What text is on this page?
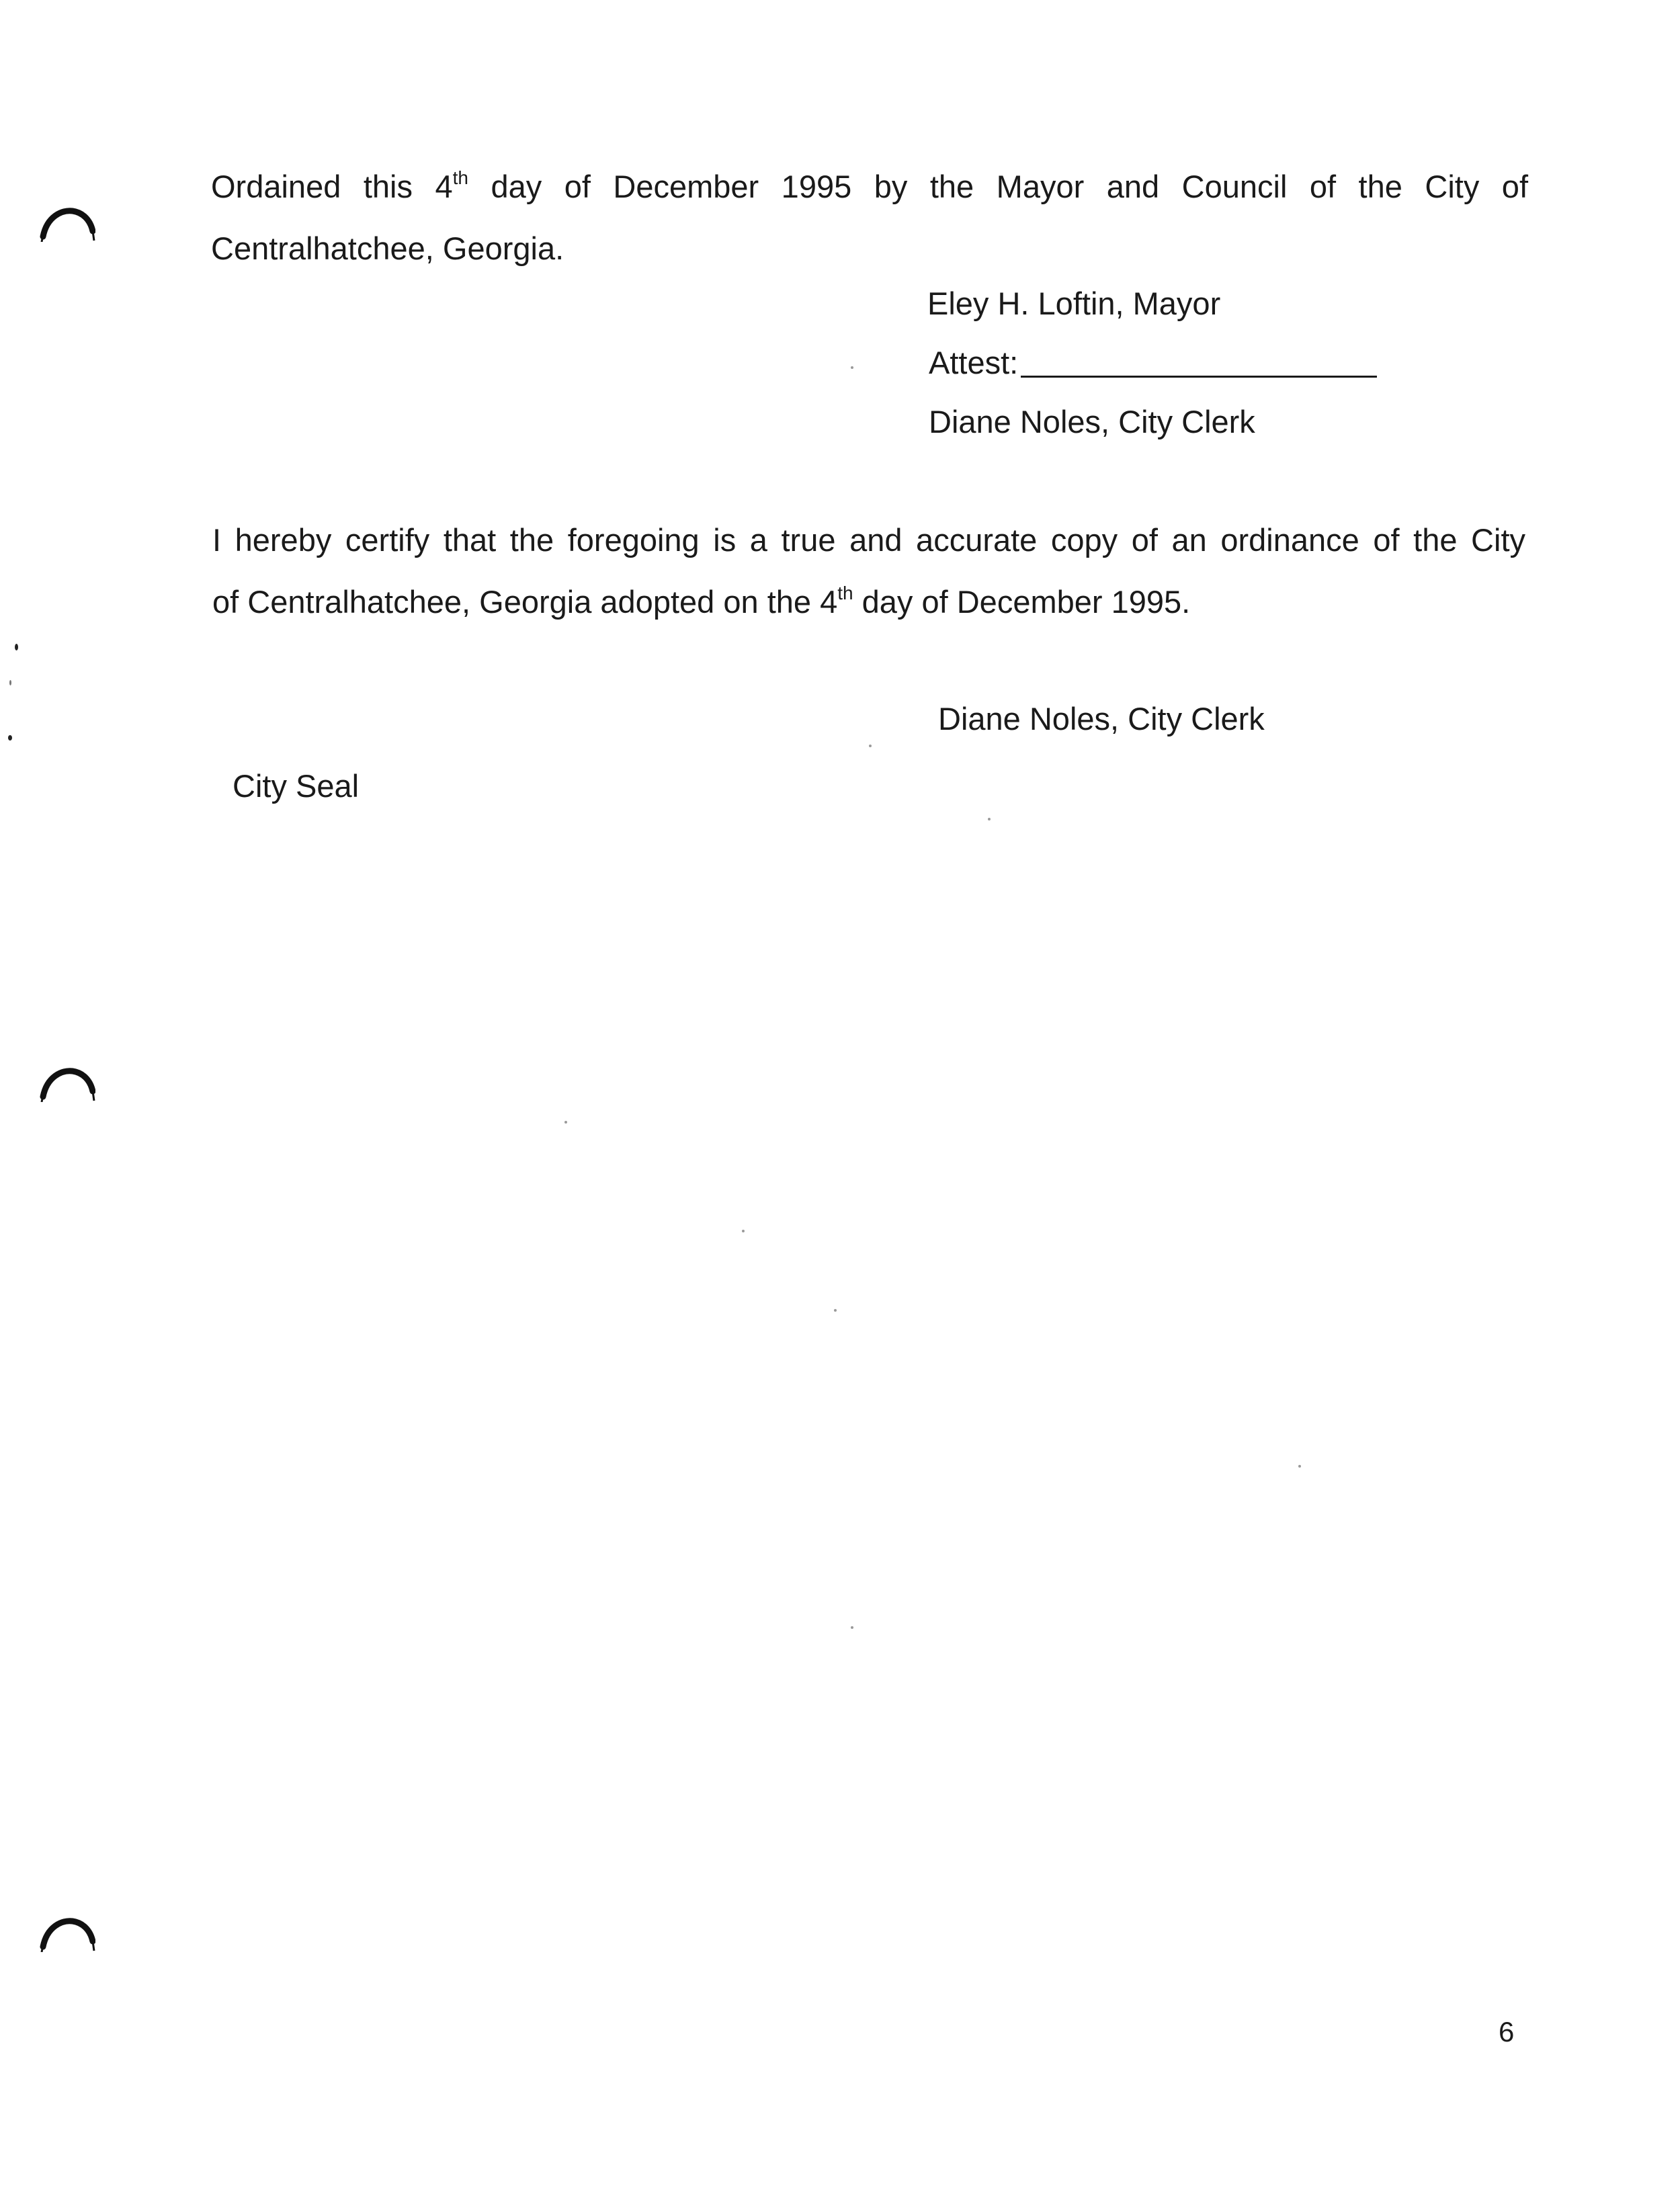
Ordained this 4th day of December 1995 by the Mayor and Council of the City of
Centralhatchee, Georgia.
Eley H. Loftin, Mayor
Attest:
Diane Noles, City Clerk
I hereby certify that the foregoing is a true and accurate copy of an ordinance of the City
of Centralhatchee, Georgia adopted on the 4th day of December 1995.
Diane Noles, City Clerk
City Seal
6
